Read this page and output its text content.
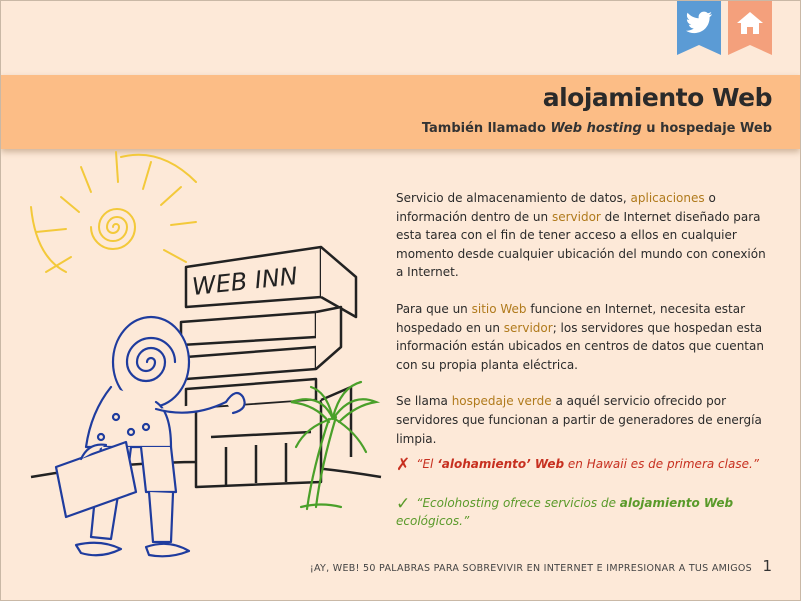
alojamiento Web
También llamado Web hosting u hospedaje Web
WEB INN

Servicio de almacenamiento de datos, aplicaciones o información dentro de un servidor de Internet diseñado para esta tarea con el fin de tener acceso a ellos en cualquier momento desde cualquier ubicación del mundo con conexión a Internet.

Para que un sitio Web funcione en Internet, necesita estar hospedado en un servidor; los servidores que hospedan esta información están ubicados en centros de datos que cuentan con su propia planta eléctrica.

Se llama hospedaje verde a aquél servicio ofrecido por servidores que funcionan a partir de generadores de energía limpia.

✗ “El ‘alohamiento’ Web en Hawaii es de primera clase.”
✓ “Ecolohosting ofrece servicios de alojamiento Web ecológicos.”
¡AY, WEB! 50 PALABRAS PARA SOBREVIVIR EN INTERNET E IMPRESIONAR A TUS AMIGOS 1
